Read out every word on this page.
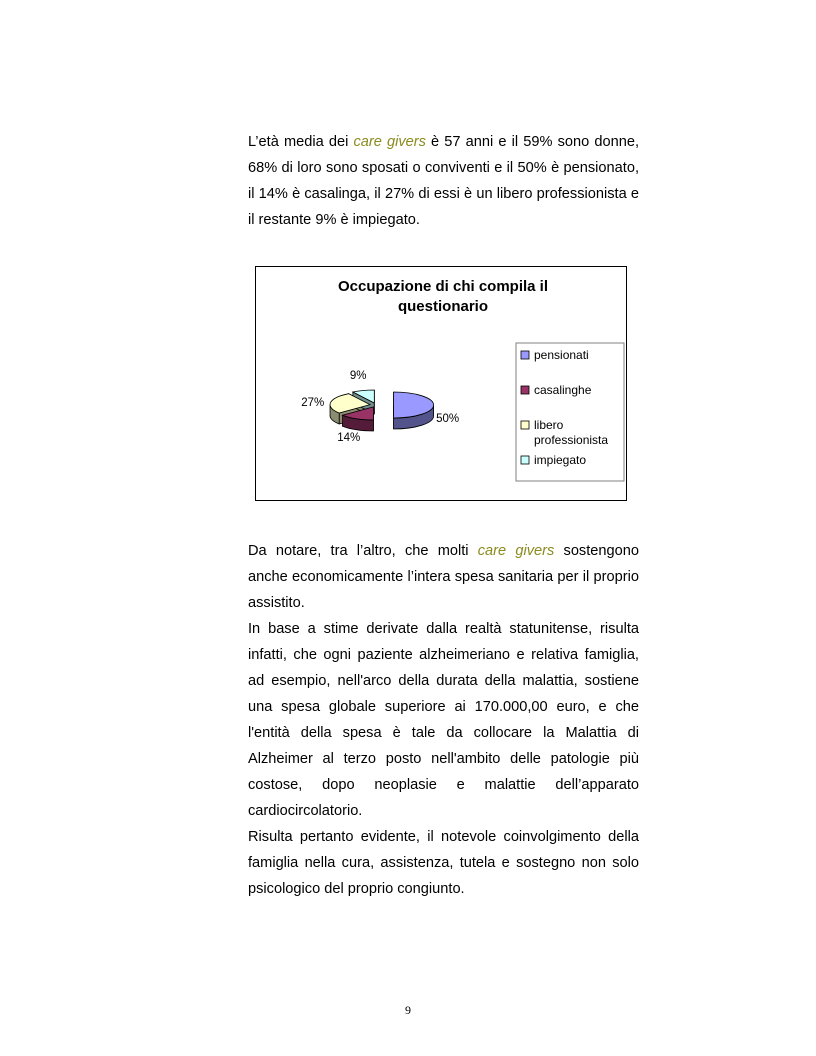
L’età media dei care givers è 57 anni e il 59% sono donne, 68% di loro sono sposati o conviventi e il 50% è pensionato, il 14% è casalinga, il 27% di essi è un libero professionista e il restante 9% è impiegato.

Occupazione di chi compila il
questionario
50%
14%
27%
9%
pensionati
casalinghe
libero
professionista
impiegato

Da notare, tra l’altro, che molti care givers sostengono anche economicamente l’intera spesa sanitaria per il proprio assistito.

In base a stime derivate dalla realtà statunitense, risulta infatti, che ogni paziente alzheimeriano e relativa famiglia, ad esempio, nell'arco della durata della malattia, sostiene una spesa globale superiore ai 170.000,00 euro, e che l'entità della spesa è tale da collocare la Malattia di Alzheimer al terzo posto nell'ambito delle patologie più costose, dopo neoplasie e malattie dell’apparato cardiocircolatorio.

Risulta pertanto evidente, il notevole coinvolgimento della famiglia nella cura, assistenza, tutela e sostegno non solo psicologico del proprio congiunto.

9
